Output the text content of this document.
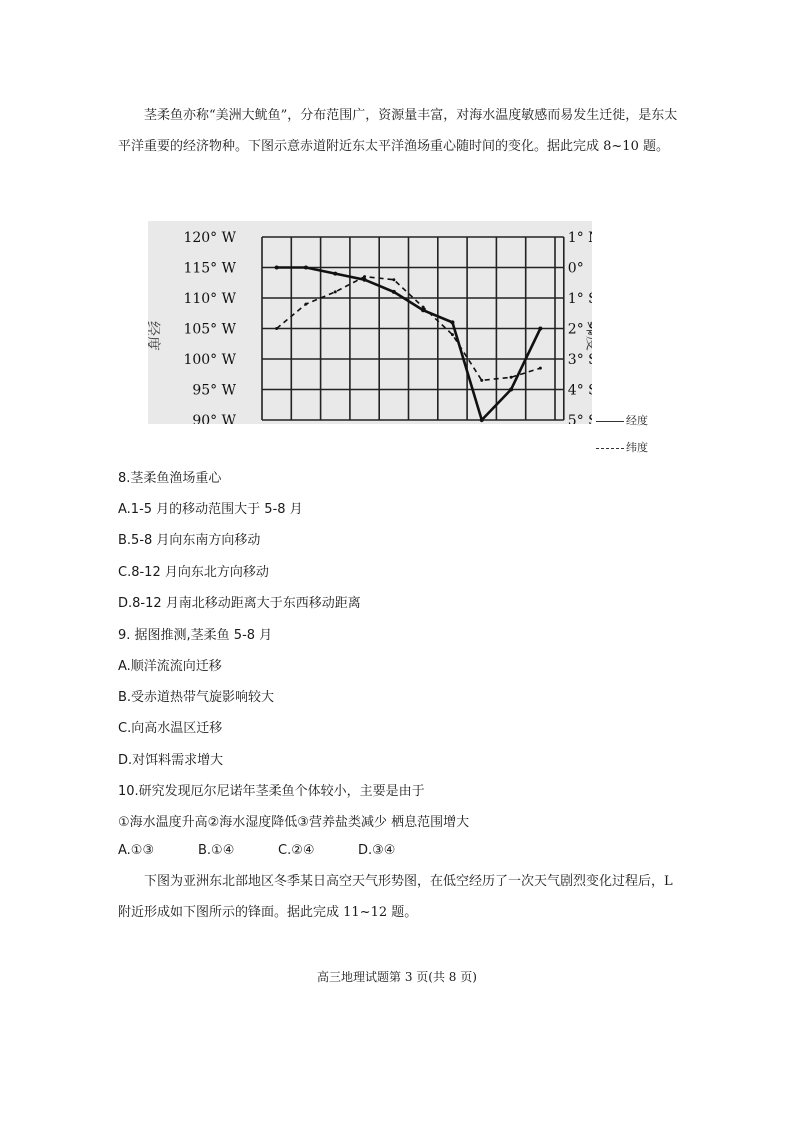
茎柔鱼亦称“美洲大鱿鱼”，分布范围广，资源量丰富，对海水温度敏感而易发生迁徙，是东太平洋重要的经济物种。下图示意赤道附近东太平洋渔场重心随时间的变化。据此完成 8~10 题。

120° W
115° W
110° W
105° W
100° W
95° W
90° W
1°
0°
1°
2°
3°
4°
5°
经度	纬度
经度
纬度

8.茎柔鱼渔场重心

A.1-5 月的移动范围大于 5-8 月

B.5-8 月向东南方向移动

C.8-12 月向东北方向移动

D.8-12 月南北移动距离大于东西移动距离

9. 据图推测,茎柔鱼 5-8 月

A.顺洋流流向迁移

B.受赤道热带气旋影响较大

C.向高水温区迁移

D.对饵料需求增大

10.研究发现厄尔尼诺年茎柔鱼个体较小，主要是由于

①海水温度升高②海水湿度降低③营养盐类减少 栖息范围增大

A.①③	B.①④	C.②④	D.③④

下图为亚洲东北部地区冬季某日高空天气形势图，在低空经历了一次天气剧烈变化过程后，L 附近形成如下图所示的锋面。据此完成 11~12 题。

高三地理试题第 3 页(共 8 页)
